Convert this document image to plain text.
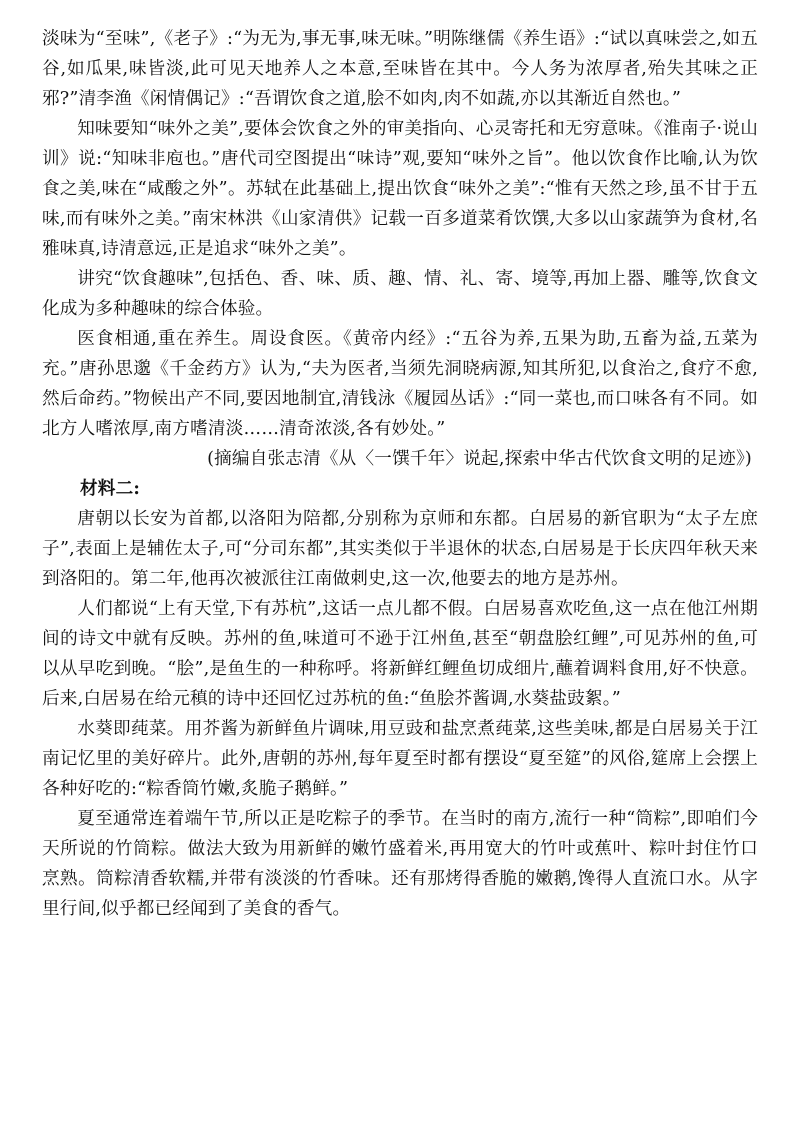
淡味为“至味”,《老子》:“为无为,事无事,味无味。”明陈继儒《养生语》:“试以真味尝之,如五谷,如瓜果,味皆淡,此可见天地养人之本意,至味皆在其中。今人务为浓厚者,殆失其味之正邪?”清李渔《闲情偶记》:“吾谓饮食之道,脍不如肉,肉不如蔬,亦以其渐近自然也。”

知味要知“味外之美”,要体会饮食之外的审美指向、心灵寄托和无穷意味。《淮南子·说山训》说:“知味非庖也。”唐代司空图提出“味诗”观,要知“味外之旨”。他以饮食作比喻,认为饮食之美,味在“咸酸之外”。苏轼在此基础上,提出饮食“味外之美”:“惟有天然之珍,虽不甘于五味,而有味外之美。”南宋林洪《山家清供》记载一百多道菜肴饮馔,大多以山家蔬笋为食材,名雅味真,诗清意远,正是追求“味外之美”。

讲究“饮食趣味”,包括色、香、味、质、趣、情、礼、寄、境等,再加上器、雕等,饮食文化成为多种趣味的综合体验。

医食相通,重在养生。周设食医。《黄帝内经》:“五谷为养,五果为助,五畜为益,五菜为充。”唐孙思邈《千金药方》认为,“夫为医者,当须先洞晓病源,知其所犯,以食治之,食疗不愈,然后命药。”物候出产不同,要因地制宜,清钱泳《履园丛话》:“同一菜也,而口味各有不同。如北方人嗜浓厚,南方嗜清淡……清奇浓淡,各有妙处。”

(摘编自张志清《从〈一馔千年〉说起,探索中华古代饮食文明的足迹》)

材料二:

唐朝以长安为首都,以洛阳为陪都,分别称为京师和东都。白居易的新官职为“太子左庶子”,表面上是辅佐太子,可“分司东都”,其实类似于半退休的状态,白居易是于长庆四年秋天来到洛阳的。第二年,他再次被派往江南做刺史,这一次,他要去的地方是苏州。

人们都说“上有天堂,下有苏杭”,这话一点儿都不假。白居易喜欢吃鱼,这一点在他江州期间的诗文中就有反映。苏州的鱼,味道可不逊于江州鱼,甚至“朝盘脍红鲤”,可见苏州的鱼,可以从早吃到晚。“脍”,是鱼生的一种称呼。将新鲜红鲤鱼切成细片,蘸着调料食用,好不快意。后来,白居易在给元稹的诗中还回忆过苏杭的鱼:“鱼脍芥酱调,水葵盐豉絮。”

水葵即莼菜。用芥酱为新鲜鱼片调味,用豆豉和盐烹煮莼菜,这些美味,都是白居易关于江南记忆里的美好碎片。此外,唐朝的苏州,每年夏至时都有摆设“夏至筵”的风俗,筵席上会摆上各种好吃的:“粽香筒竹嫩,炙脆子鹅鲜。”

夏至通常连着端午节,所以正是吃粽子的季节。在当时的南方,流行一种“筒粽”,即咱们今天所说的竹筒粽。做法大致为用新鲜的嫩竹盛着米,再用宽大的竹叶或蕉叶、粽叶封住竹口烹熟。筒粽清香软糯,并带有淡淡的竹香味。还有那烤得香脆的嫩鹅,馋得人直流口水。从字里行间,似乎都已经闻到了美食的香气。
